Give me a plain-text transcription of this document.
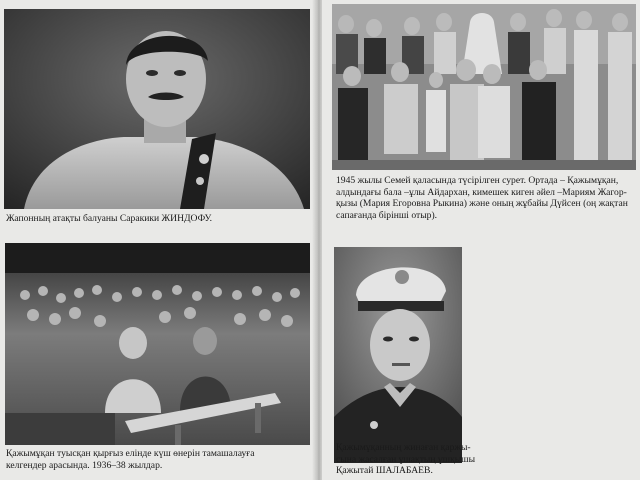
Жапонның атақты балуаны Саракики ЖИНДОФУ.

Қажымұқан туысқан қырғыз елінде күш өнерін тамашалауға
келгендер арасында. 1936–38 жылдар.

1945 жылы Семей қаласында түсірілген сурет. Ортада – Қажымұқан,
алдындағы бала –ұлы Айдархан, кимешек киген әйел –Мариям Жагор-
қызы (Мария Егоровна Рыкина) және оның жұбайы Дүйсен (оң жақтан
сапағанда бірінші отыр).

Қажымұқанның жинаған қаржы-
сына жасалған ұшақтың ұшқышы
Қажытай ШАЛАБАЕВ.
